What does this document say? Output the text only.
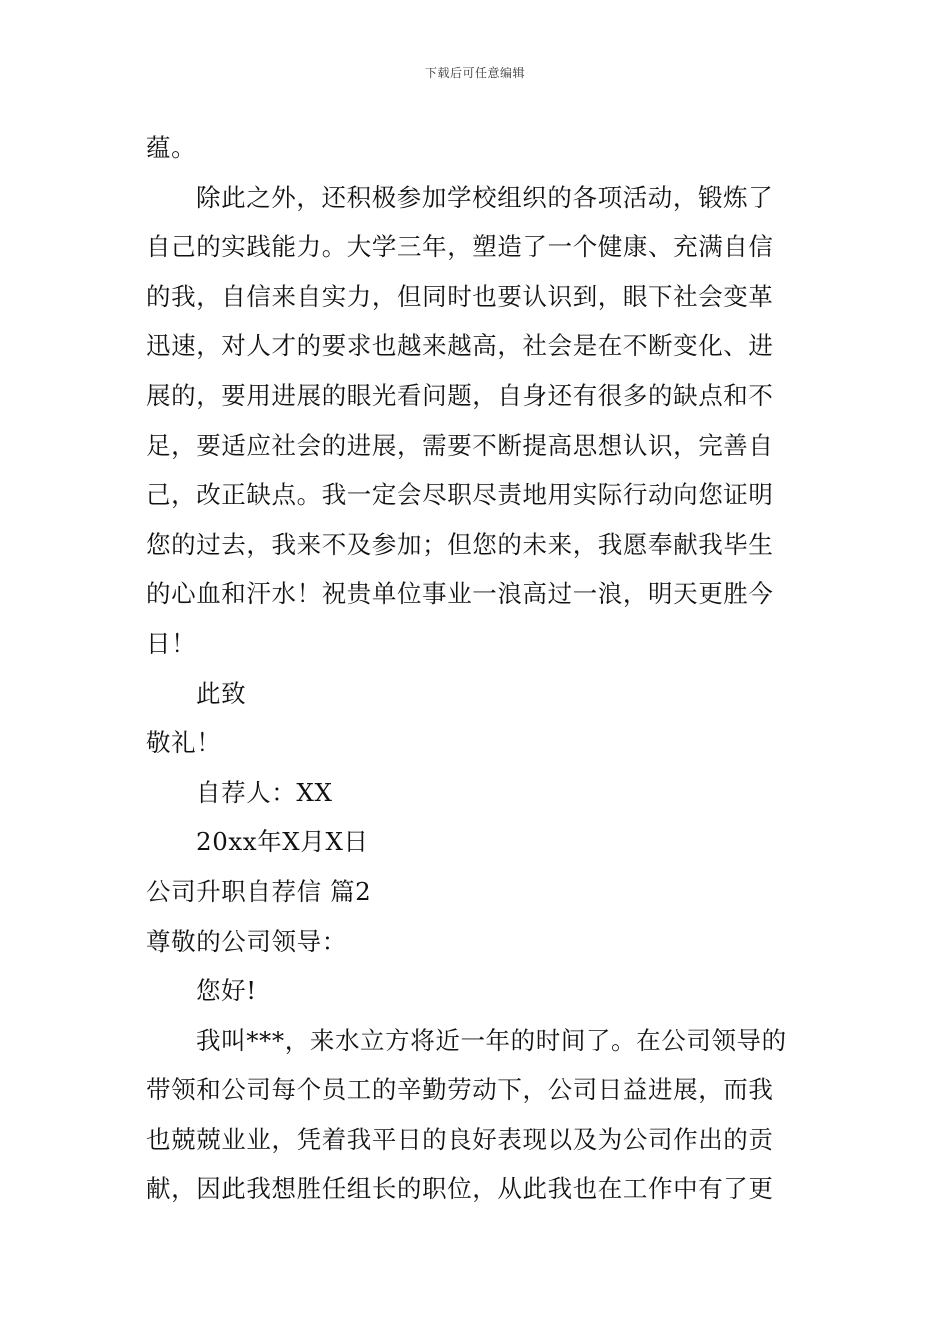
下载后可任意编辑
蕴。
除此之外，还积极参加学校组织的各项活动，锻炼了
自己的实践能力。大学三年，塑造了一个健康、充满自信
的我，自信来自实力，但同时也要认识到，眼下社会变革
迅速，对人才的要求也越来越高，社会是在不断变化、进
展的，要用进展的眼光看问题，自身还有很多的缺点和不
足，要适应社会的进展，需要不断提高思想认识，完善自
己，改正缺点。我一定会尽职尽责地用实际行动向您证明
您的过去，我来不及参加；但您的未来，我愿奉献我毕生
的心血和汗水！祝贵单位事业一浪高过一浪，明天更胜今
日！
此致
敬礼！
自荐人：XX
20xx年X月X日
公司升职自荐信 篇2
尊敬的公司领导：
您好!
我叫***，来水立方将近一年的时间了。在公司领导的
带领和公司每个员工的辛勤劳动下，公司日益进展，而我
也兢兢业业，凭着我平日的良好表现以及为公司作出的贡
献，因此我想胜任组长的职位，从此我也在工作中有了更
